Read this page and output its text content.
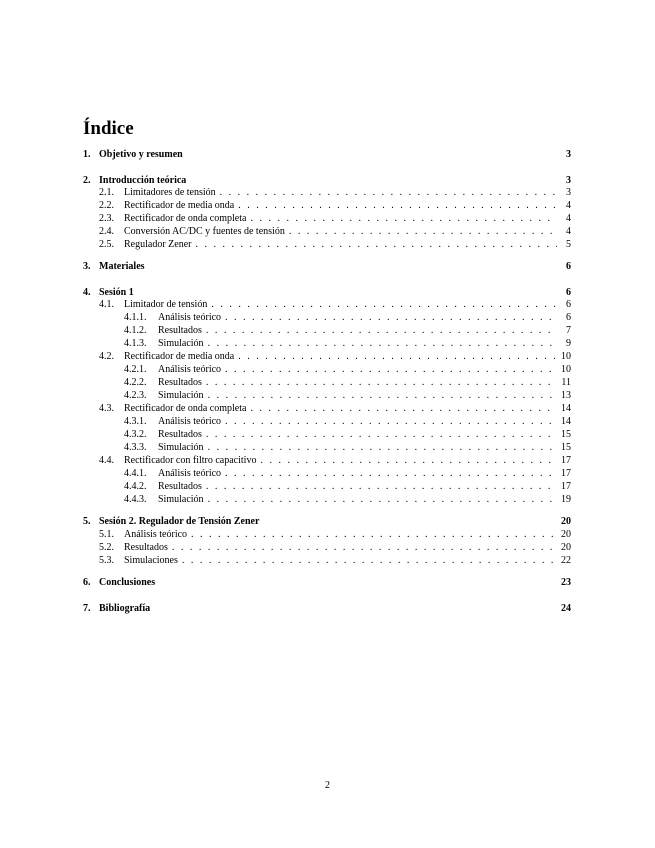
Índice
1. Objetivo y resumen	3
2. Introducción teórica	3
2.1.	Limitadores de tensión . . .	3
2.2.	Rectificador de media onda . . .	4
2.3.	Rectificador de onda completa . . .	4
2.4.	Conversión AC/DC y fuentes de tensión . . .	4
2.5.	Regulador Zener . . .	5
3. Materiales	6
4. Sesión 1	6
4.1.	Limitador de tensión . . .	6
4.1.1.	Análisis teórico . . .	6
4.1.2.	Resultados . . .	7
4.1.3.	Simulación . . .	9
4.2.	Rectificador de media onda . . .	10
4.2.1.	Análisis teórico . . .	10
4.2.2.	Resultados . . .	11
4.2.3.	Simulación . . .	13
4.3.	Rectificador de onda completa . . .	14
4.3.1.	Análisis teórico . . .	14
4.3.2.	Resultados . . .	15
4.3.3.	Simulación . . .	15
4.4.	Rectificador con filtro capacitivo . . .	17
4.4.1.	Análisis teórico . . .	17
4.4.2.	Resultados . . .	17
4.4.3.	Simulación . . .	19
5. Sesión 2. Regulador de Tensión Zener	20
5.1.	Análisis teórico . . .	20
5.2.	Resultados . . .	20
5.3.	Simulaciones . . .	22
6. Conclusiones	23
7. Bibliografía	24
2
